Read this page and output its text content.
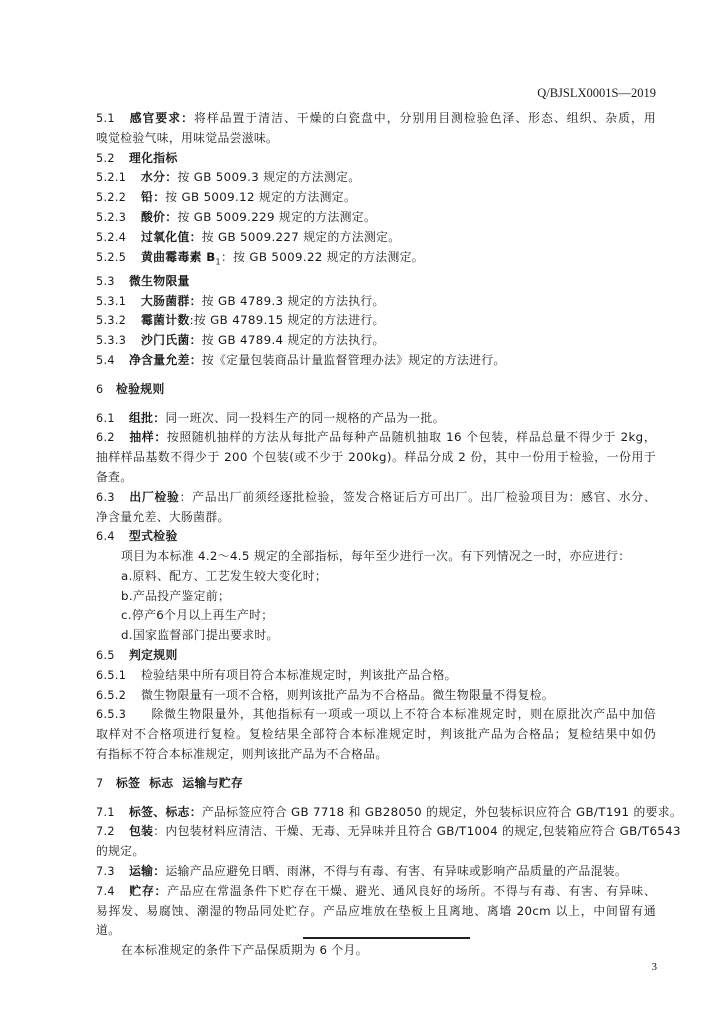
Q/BJSLX0001S—2019
5.1 感官要求：将样品置于清洁、干燥的白瓷盘中，分别用目测检验色泽、形态、组织、杂质，用
嗅觉检验气味，用味觉品尝滋味。
5.2 理化指标
5.2.1 水分：按 GB 5009.3 规定的方法测定。
5.2.2 铅：按 GB 5009.12 规定的方法测定。
5.2.3 酸价：按 GB 5009.229 规定的方法测定。
5.2.4 过氧化值：按 GB 5009.227 规定的方法测定。
5.2.5 黄曲霉毒素 $B_1$：按 GB 5009.22 规定的方法测定。
5.3 微生物限量
5.3.1 大肠菌群：按 GB 4789.3 规定的方法执行。
5.3.2 霉菌计数:按 GB 4789.15 规定的方法进行。
5.3.3 沙门氏菌：按 GB 4789.4 规定的方法执行。
5.4 净含量允差：按《定量包装商品计量监督管理办法》规定的方法进行。
6 检验规则
6.1 组批：同一班次、同一投料生产的同一规格的产品为一批。
6.2 抽样：按照随机抽样的方法从每批产品每种产品随机抽取 16 个包装，样品总量不得少于 2kg，
抽样样品基数不得少于 200 个包装(或不少于 200kg)。样品分成 2 份，其中一份用于检验，一份用于
备查。
6.3 出厂检验：产品出厂前须经逐批检验，签发合格证后方可出厂。出厂检验项目为：感官、水分、
净含量允差、大肠菌群。
6.4 型式检验
项目为本标准 4.2～4.5 规定的全部指标，每年至少进行一次。有下列情况之一时，亦应进行：
a.原料、配方、工艺发生较大变化时；
b.产品投产鉴定前；
c.停产6个月以上再生产时；
d.国家监督部门提出要求时。
6.5 判定规则
6.5.1 检验结果中所有项目符合本标准规定时，判该批产品合格。
6.5.2 微生物限量有一项不合格，则判该批产品为不合格品。微生物限量不得复检。
6.5.3 除微生物限量外，其他指标有一项或一项以上不符合本标准规定时，则在原批次产品中加倍
取样对不合格项进行复检。复检结果全部符合本标准规定时，判该批产品为合格品；复检结果中如仍
有指标不符合本标准规定，则判该批产品为不合格品。
7 标签  标志  运输与贮存
7.1 标签、标志：产品标签应符合 GB 7718 和 GB28050 的规定，外包装标识应符合 GB/T191 的要求。
7.2 包装：内包装材料应清洁、干燥、无毒、无异味并且符合 GB/T1004 的规定,包装箱应符合 GB/T6543
的规定。
7.3 运输：运输产品应避免日晒、雨淋，不得与有毒、有害、有异味或影响产品质量的产品混装。
7.4 贮存：产品应在常温条件下贮存在干燥、避光、通风良好的场所。不得与有毒、有害、有异味、
易挥发、易腐蚀、潮湿的物品同处贮存。产品应堆放在垫板上且离地、离墙 20cm 以上，中间留有通
道。
在本标准规定的条件下产品保质期为 6 个月。
3
